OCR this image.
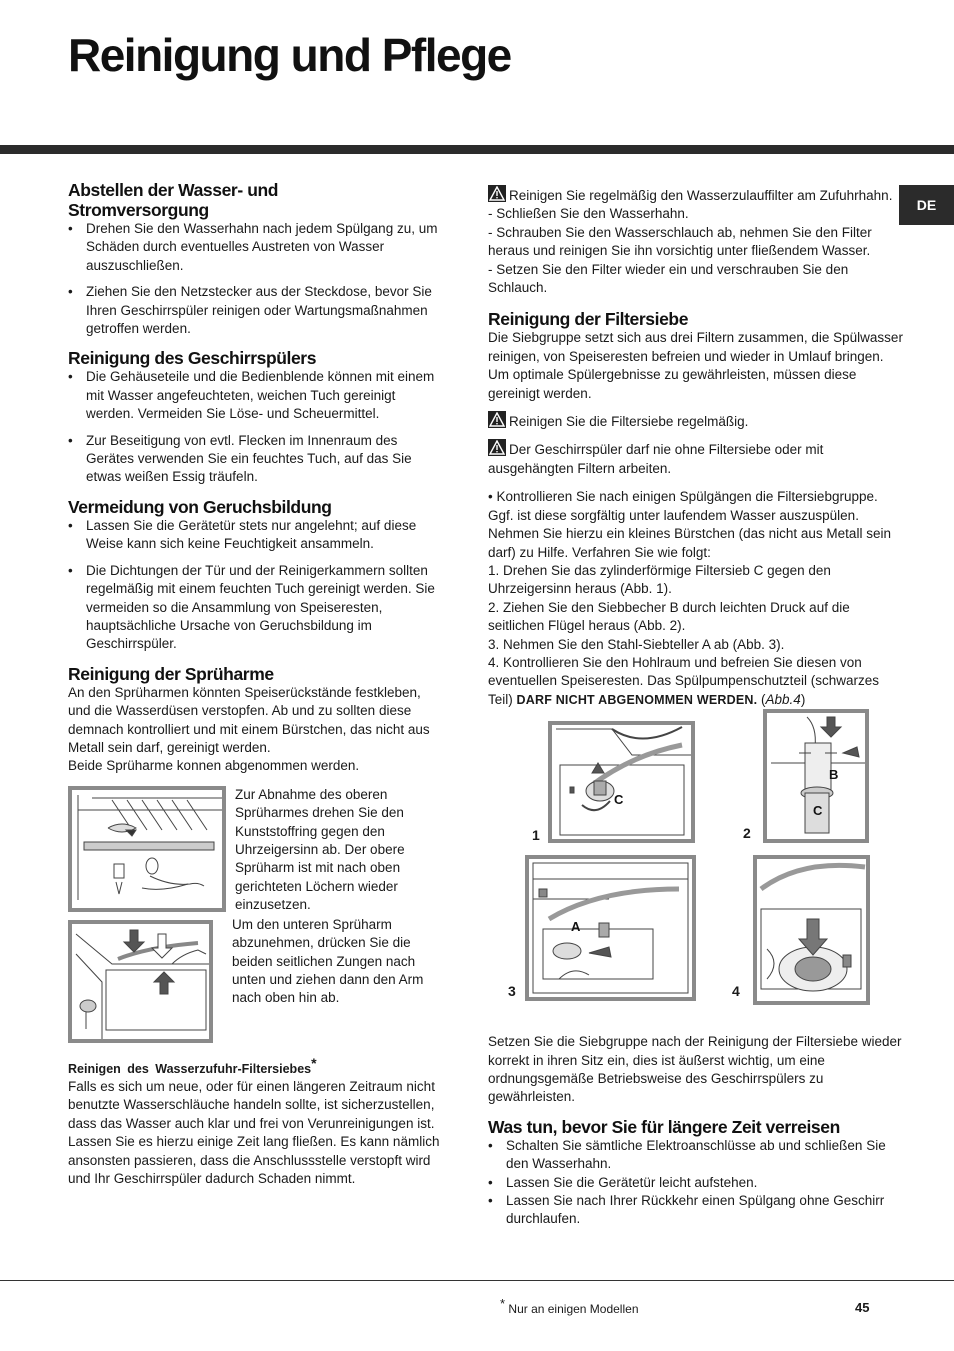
Reinigung und Pflege
DE
Abstellen der Wasser- und
Stromversorgung
• Drehen Sie den Wasserhahn nach jedem Spülgang zu, um Schäden durch eventuelles Austreten von Wasser auszuschließen.
• Ziehen Sie den Netzstecker aus der Steckdose, bevor Sie Ihren Geschirrspüler reinigen oder Wartungsmaßnahmen getroffen werden.
Reinigung des Geschirrspülers
• Die Gehäuseteile und die Bedienblende können mit einem mit Wasser angefeuchteten, weichen Tuch gereinigt werden. Vermeiden Sie Löse- und Scheuermittel.
• Zur Beseitigung von evtl. Flecken im Innenraum des Gerätes verwenden Sie ein feuchtes Tuch, auf das Sie etwas weißen Essig träufeln.
Vermeidung von Geruchsbildung
• Lassen Sie die Gerätetür stets nur angelehnt; auf diese Weise kann sich keine Feuchtigkeit ansammeln.
• Die Dichtungen der Tür und der Reinigerkammern sollten regelmäßig mit einem feuchten Tuch gereinigt werden. Sie vermeiden so die Ansammlung von Speiseresten, hauptsächliche Ursache von Geruchsbildung im Geschirrspüler.
Reinigung der Sprüharme

An den Sprüharmen könnten Speiserückstände festkleben, und die Wasserdüsen verstopfen. Ab und zu sollten diese demnach kontrolliert und mit einem Bürstchen, das nicht aus Metall sein darf, gereinigt werden.

Beide Sprüharme konnen abgenommen werden.

Zur Abnahme des oberen Sprüharmes drehen Sie den Kunststoffring gegen den Uhrzeigersinn ab. Der obere Sprüharm ist mit nach oben gerichteten Löchern wieder einzusetzen.
Um den unteren Sprüharm abzunehmen, drücken Sie die beiden seitlichen Zungen nach unten und ziehen dann den Arm nach oben hin ab.
Reinigen des Wasserzufuhr-Filtersiebes*

Falls es sich um neue, oder für einen längeren Zeitraum nicht benutzte Wasserschläuche handeln sollte, ist sicherzustellen, dass das Wasser auch klar und frei von Verunreinigungen ist. Lassen Sie es hierzu einige Zeit lang fließen. Es kann nämlich ansonsten passieren, dass die Anschlussstelle verstopft wird und Ihr Geschirrspüler dadurch Schaden nimmt.

Reinigen Sie regelmäßig den Wasserzulauffilter am Zufuhrhahn.
- Schließen Sie den Wasserhahn.
- Schrauben Sie den Wasserschlauch ab, nehmen Sie den Filter heraus und reinigen Sie ihn vorsichtig unter fließendem Wasser.
- Setzen Sie den Filter wieder ein und verschrauben Sie den Schlauch.
Reinigung der Filtersiebe

Die Siebgruppe setzt sich aus drei Filtern zusammen, die Spülwasser reinigen, von Speiseresten befreien und wieder in Umlauf bringen. Um optimale Spülergebnisse zu gewährleisten, müssen diese gereinigt werden.

Reinigen Sie die Filtersiebe regelmäßig.
Der Geschirrspüler darf nie ohne Filtersiebe oder mit ausgehängten Filtern arbeiten.

• Kontrollieren Sie nach einigen Spülgängen die Filtersiebgruppe. Ggf. ist diese sorgfältig unter laufendem Wasser auszuspülen. Nehmen Sie hierzu ein kleines Bürstchen (das nicht aus Metall sein darf) zu Hilfe. Verfahren Sie wie folgt:

1. Drehen Sie das zylinderförmige Filtersieb C gegen den Uhrzeigersinn heraus (Abb. 1).

2. Ziehen Sie den Siebbecher B durch leichten Druck auf die seitlichen Flügel heraus (Abb. 2).

3. Nehmen Sie den Stahl-Siebteller A ab (Abb. 3).

4. Kontrollieren Sie den Hohlraum und befreien Sie diesen von eventuellen Speiseresten. Das Spülpumpenschutzteil (schwarzes Teil) DARF NICHT ABGENOMMEN WERDEN. (Abb.4)

C
1
B
C
2
A
3	4

Setzen Sie die Siebgruppe nach der Reinigung der Filtersiebe wieder korrekt in ihren Sitz ein, dies ist äußerst wichtig, um eine ordnungsgemäße Betriebsweise des Geschirrspülers zu gewährleisten.

Was tun, bevor Sie für längere Zeit verreisen
• Schalten Sie sämtliche Elektroanschlüsse ab und schließen Sie den Wasserhahn.
• Lassen Sie die Gerätetür leicht aufstehen.
• Lassen Sie nach Ihrer Rückkehr einen Spülgang ohne Geschirr durchlaufen.
* Nur an einigen Modellen	45
